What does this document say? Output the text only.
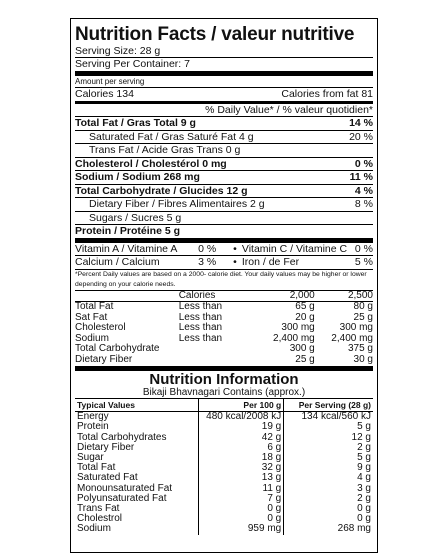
Nutrition Facts / valeur nutritive
Serving Size: 28 g
Serving Per Container: 7
Amount per serving
Calories 134	Calories from fat 81
% Daily Value* / % valeur quotidien*
Total Fat / Gras Total 9 g	14 %
Saturated Fat / Gras Saturé Fat 4 g	20 %
Trans Fat / Acide Gras Trans 0 g
Cholesterol / Cholestérol 0 mg	0 %
Sodium / Sodium 268 mg	11 %
Total Carbohydrate / Glucides 12 g	4 %
Dietary Fiber / Fibres Alimentaires 2 g	8 %
Sugars / Sucres 5 g
Protein / Protéine 5 g
Vitamin A / Vitamine A	0 %	• Vitamin C / Vitamine C 0 %
Calcium / Calcium	3 %	• Iron / de Fer	5 %
*Percent Daily values are based on a 2000- calorie diet. Your daily values may be higher or lower depending on your calorie needs.
	Calories	2,000	2,500
Total Fat	Less than	65 g	80 g
Sat Fat	Less than	20 g	25 g
Cholesterol	Less than	300 mg	300 mg
Sodium	Less than	2,400 mg	2,400 mg
Total Carbohydrate		300 g	375 g
Dietary Fiber		25 g	30 g
Nutrition Information
Bikaji Bhavnagari Contains (approx.)
Typical Values	Per 100 g	Per Serving (28 g)
Energy	480 kcal/2008 kJ	134 kcal/560 kJ
Protein	19 g	5 g
Total Carbohydrates	42 g	12 g
Dietary Fiber	6 g	2 g
Sugar	18 g	5 g
Total Fat	32 g	9 g
Saturated Fat	13 g	4 g
Monounsaturated Fat	11 g	3 g
Polyunsaturated Fat	7 g	2 g
Trans Fat	0 g	0 g
Cholestrol	0 g	0 g
Sodium	959 mg	268 mg
